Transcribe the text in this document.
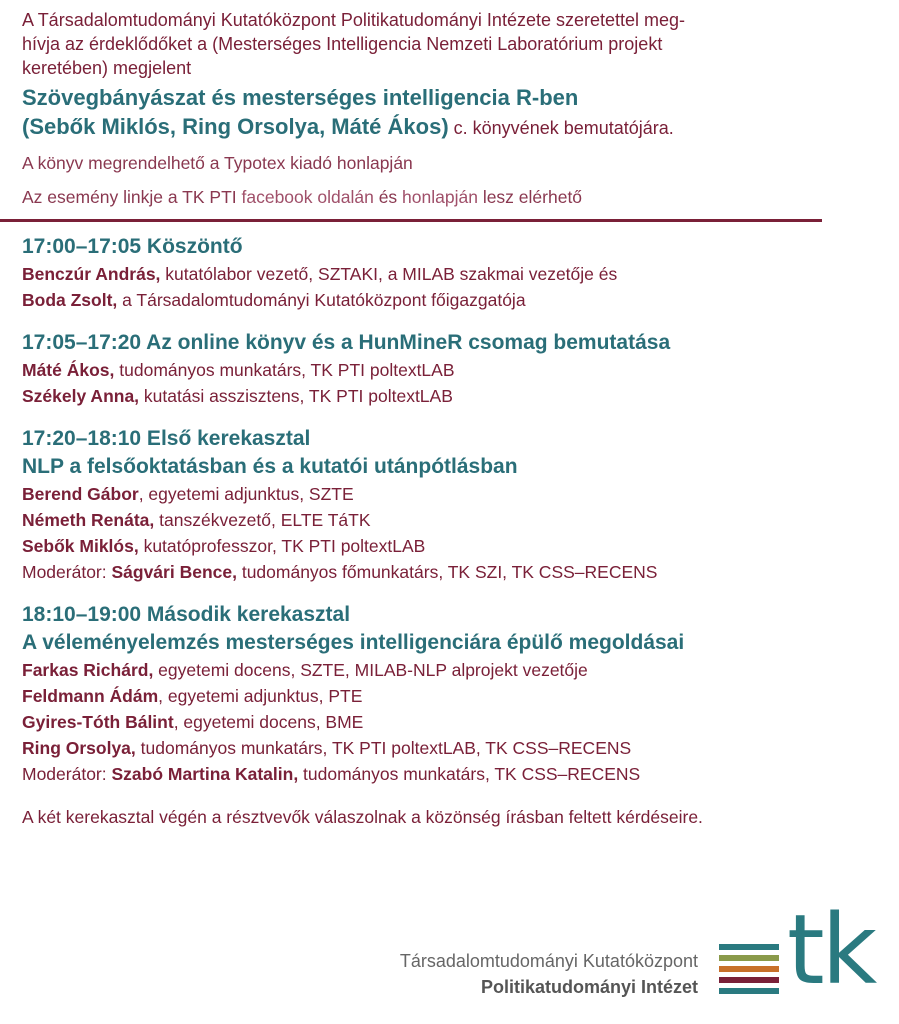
A Társadalomtudományi Kutatóközpont Politikatudományi Intézete szeretettel meg-
hívja az érdeklődőket a (Mesterséges Intelligencia Nemzeti Laboratórium projekt
keretében) megjelent
Szövegbányászat és mesterséges intelligencia R-ben
(Sebők Miklós, Ring Orsolya, Máté Ákos) c. könyvének bemutatójára.
A könyv megrendelhető a Typotex kiadó honlapján
Az esemény linkje a TK PTI facebook oldalán és honlapján lesz elérhető
17:00–17:05 Köszöntő
Benczúr András, kutatólabor vezető, SZTAKI, a MILAB szakmai vezetője és
Boda Zsolt, a Társadalomtudományi Kutatóközpont főigazgatója
17:05–17:20 Az online könyv és a HunMineR csomag bemutatása
Máté Ákos, tudományos munkatárs, TK PTI poltextLAB
Székely Anna, kutatási asszisztens, TK PTI poltextLAB
17:20–18:10 Első kerekasztal
NLP a felsőoktatásban és a kutatói utánpótlásban
Berend Gábor, egyetemi adjunktus, SZTE
Németh Renáta, tanszékvezető, ELTE TáTK
Sebők Miklós, kutatóprofesszor, TK PTI poltextLAB
Moderátor: Ságvári Bence, tudományos főmunkatárs, TK SZI, TK CSS–RECENS
18:10–19:00 Második kerekasztal
A véleményelemzés mesterséges intelligenciára épülő megoldásai
Farkas Richárd, egyetemi docens, SZTE, MILAB-NLP alprojekt vezetője
Feldmann Ádám, egyetemi adjunktus, PTE
Gyires-Tóth Bálint, egyetemi docens, BME
Ring Orsolya, tudományos munkatárs, TK PTI poltextLAB, TK CSS–RECENS
Moderátor: Szabó Martina Katalin, tudományos munkatárs, TK CSS–RECENS
A két kerekasztal végén a résztvevők válaszolnak a közönség írásban feltett kérdéseire.
Társadalomtudományi Kutatóközpont
Politikatudományi Intézet tk
